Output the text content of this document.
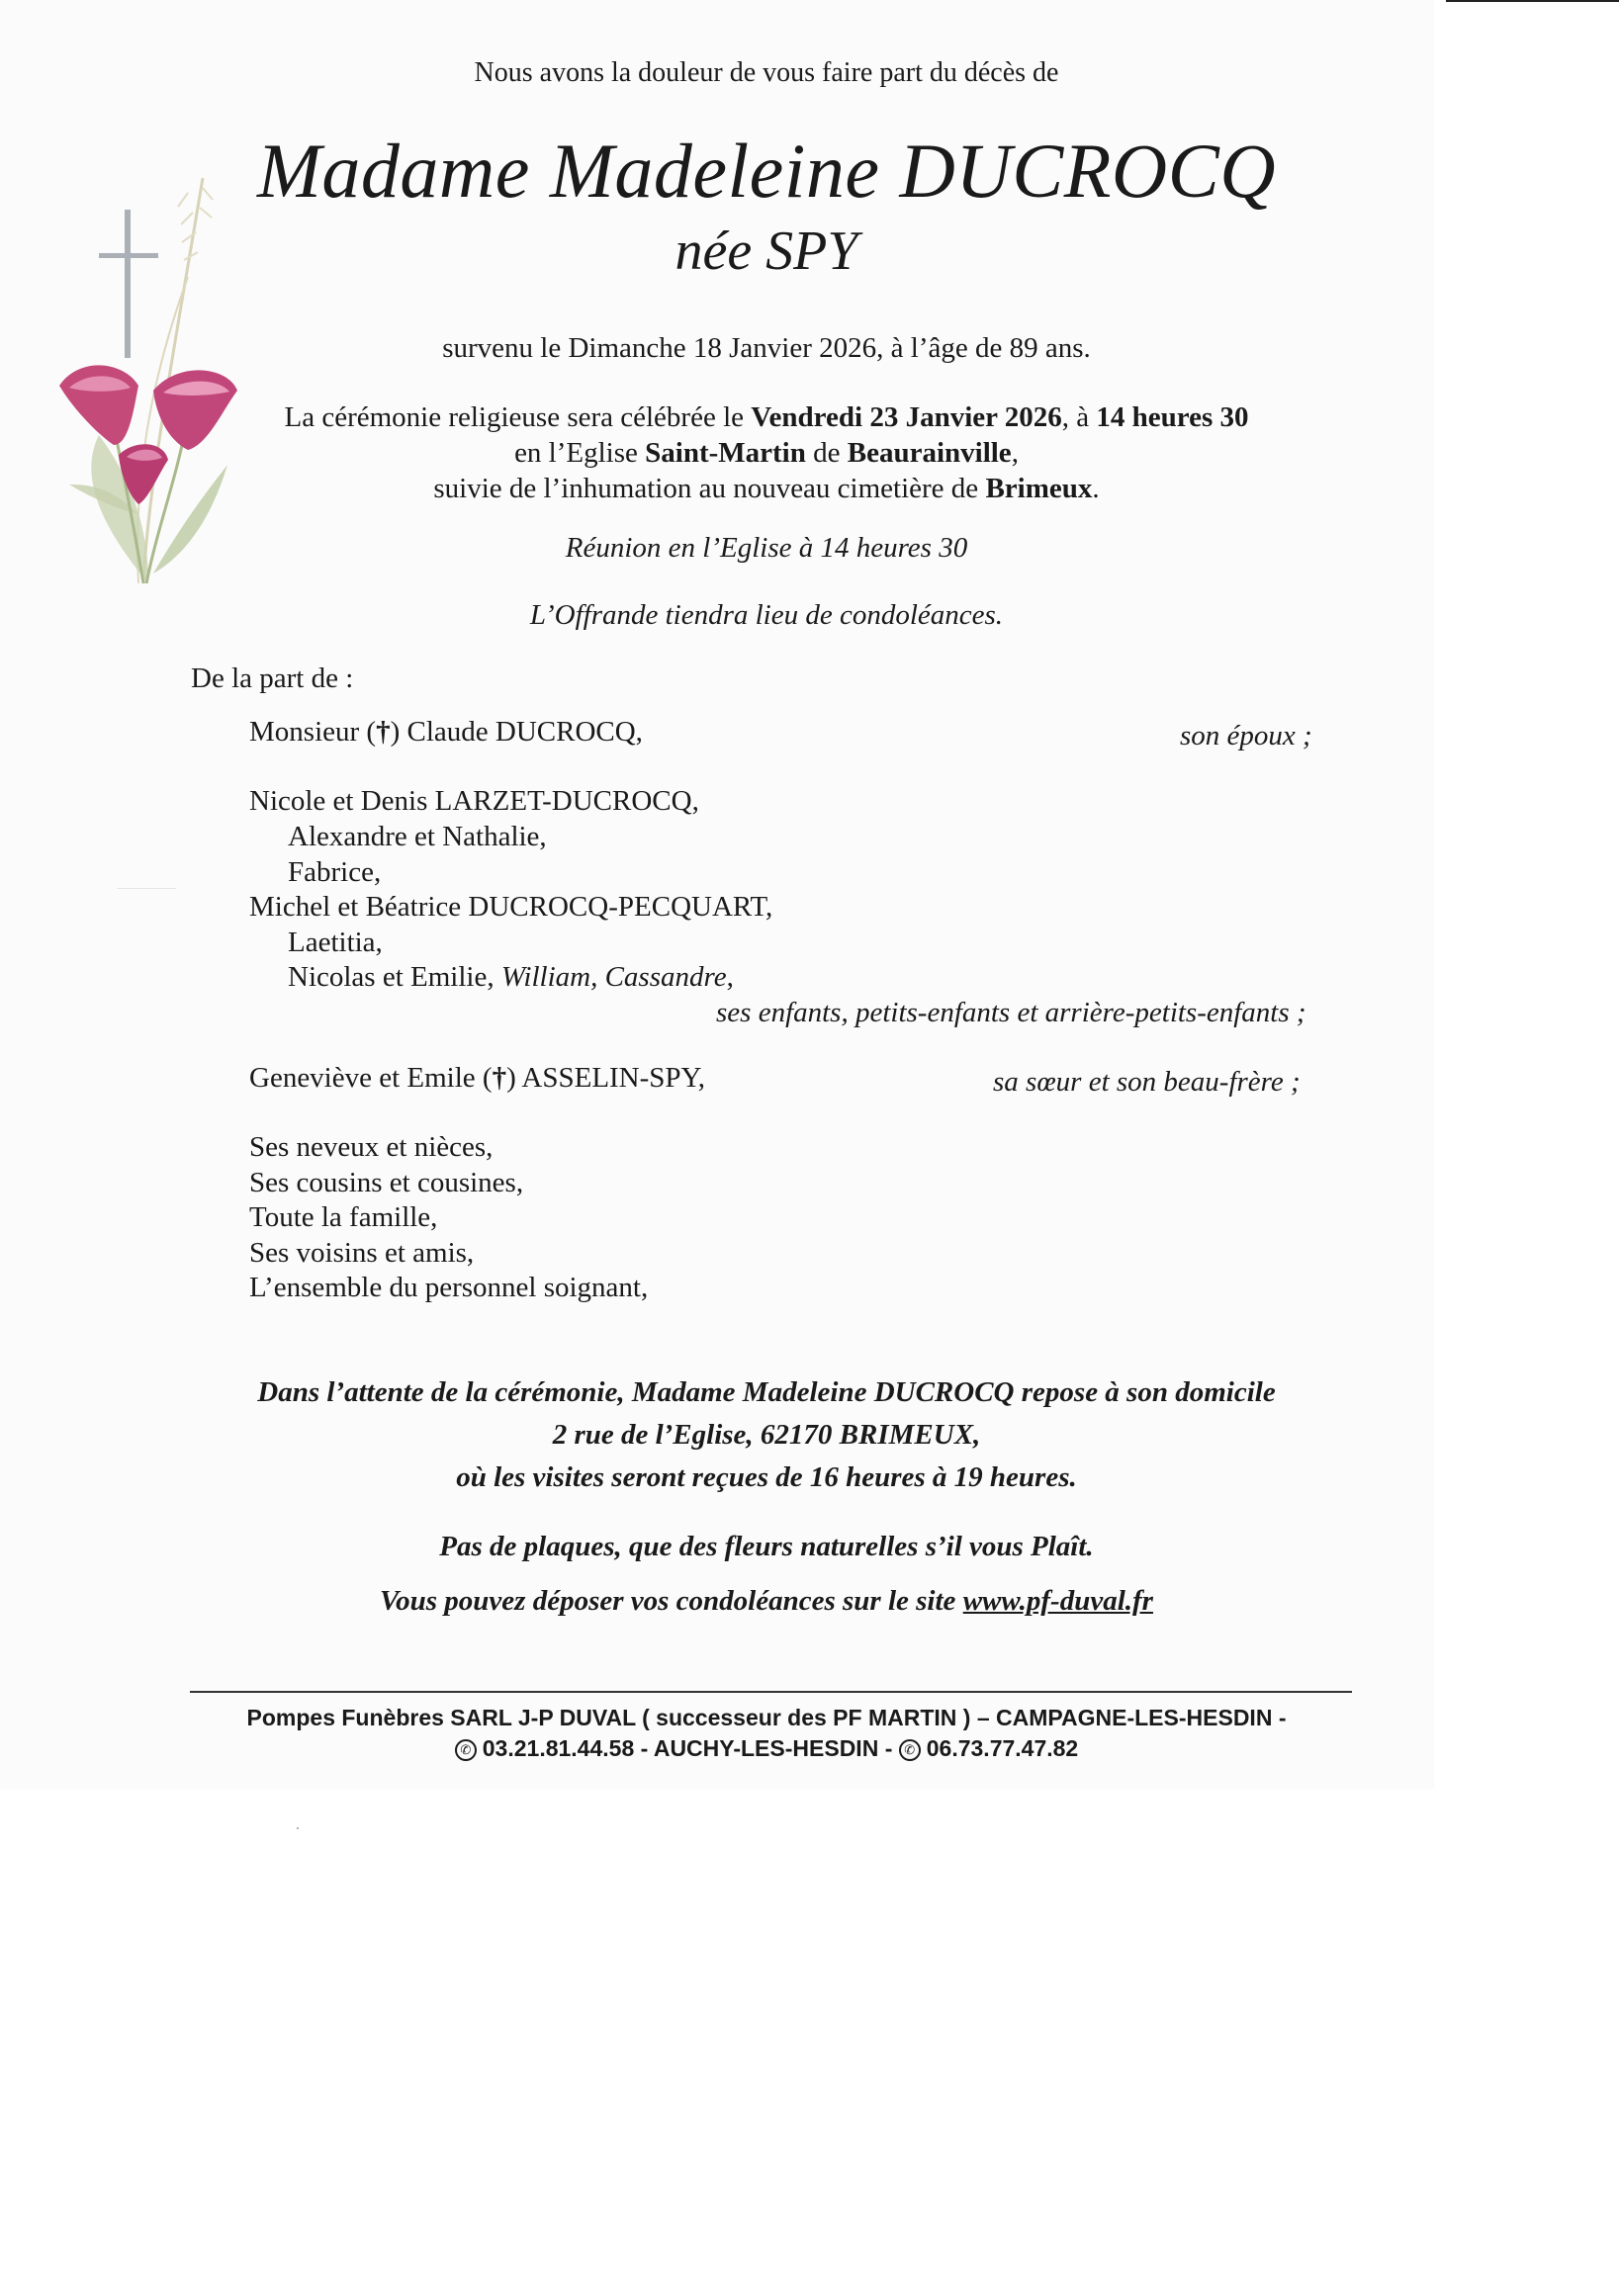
Nous avons la douleur de vous faire part du décès de
Madame Madeleine DUCROCQ
née SPY
survenu le Dimanche 18 Janvier 2026, à l’âge de 89 ans.
La cérémonie religieuse sera célébrée le Vendredi 23 Janvier 2026, à 14 heures 30
en l’Eglise Saint-Martin de Beaurainville,
suivie de l’inhumation au nouveau cimetière de Brimeux.
Réunion en l’Eglise à 14 heures 30
L’Offrande tiendra lieu de condoléances.
De la part de :
Monsieur (†) Claude DUCROCQ,	son époux ;
Nicole et Denis LARZET-DUCROCQ,
Alexandre et Nathalie,
Fabrice,
Michel et Béatrice DUCROCQ-PECQUART,
Laetitia,
Nicolas et Emilie, William, Cassandre,
ses enfants, petits-enfants et arrière-petits-enfants ;
Geneviève et Emile (†) ASSELIN-SPY,	sa sœur et son beau-frère ;
Ses neveux et nièces,
Ses cousins et cousines,
Toute la famille,
Ses voisins et amis,
L’ensemble du personnel soignant,
Dans l’attente de la cérémonie, Madame Madeleine DUCROCQ repose à son domicile
2 rue de l’Eglise, 62170 BRIMEUX,
où les visites seront reçues de 16 heures à 19 heures.
Pas de plaques, que des fleurs naturelles s’il vous Plaît.
Vous pouvez déposer vos condoléances sur le site www.pf-duval.fr
Pompes Funèbres SARL J-P DUVAL ( successeur des PF MARTIN ) – CAMPAGNE-LES-HESDIN -
✆ 03.21.81.44.58 - AUCHY-LES-HESDIN - ✆ 06.73.77.47.82
